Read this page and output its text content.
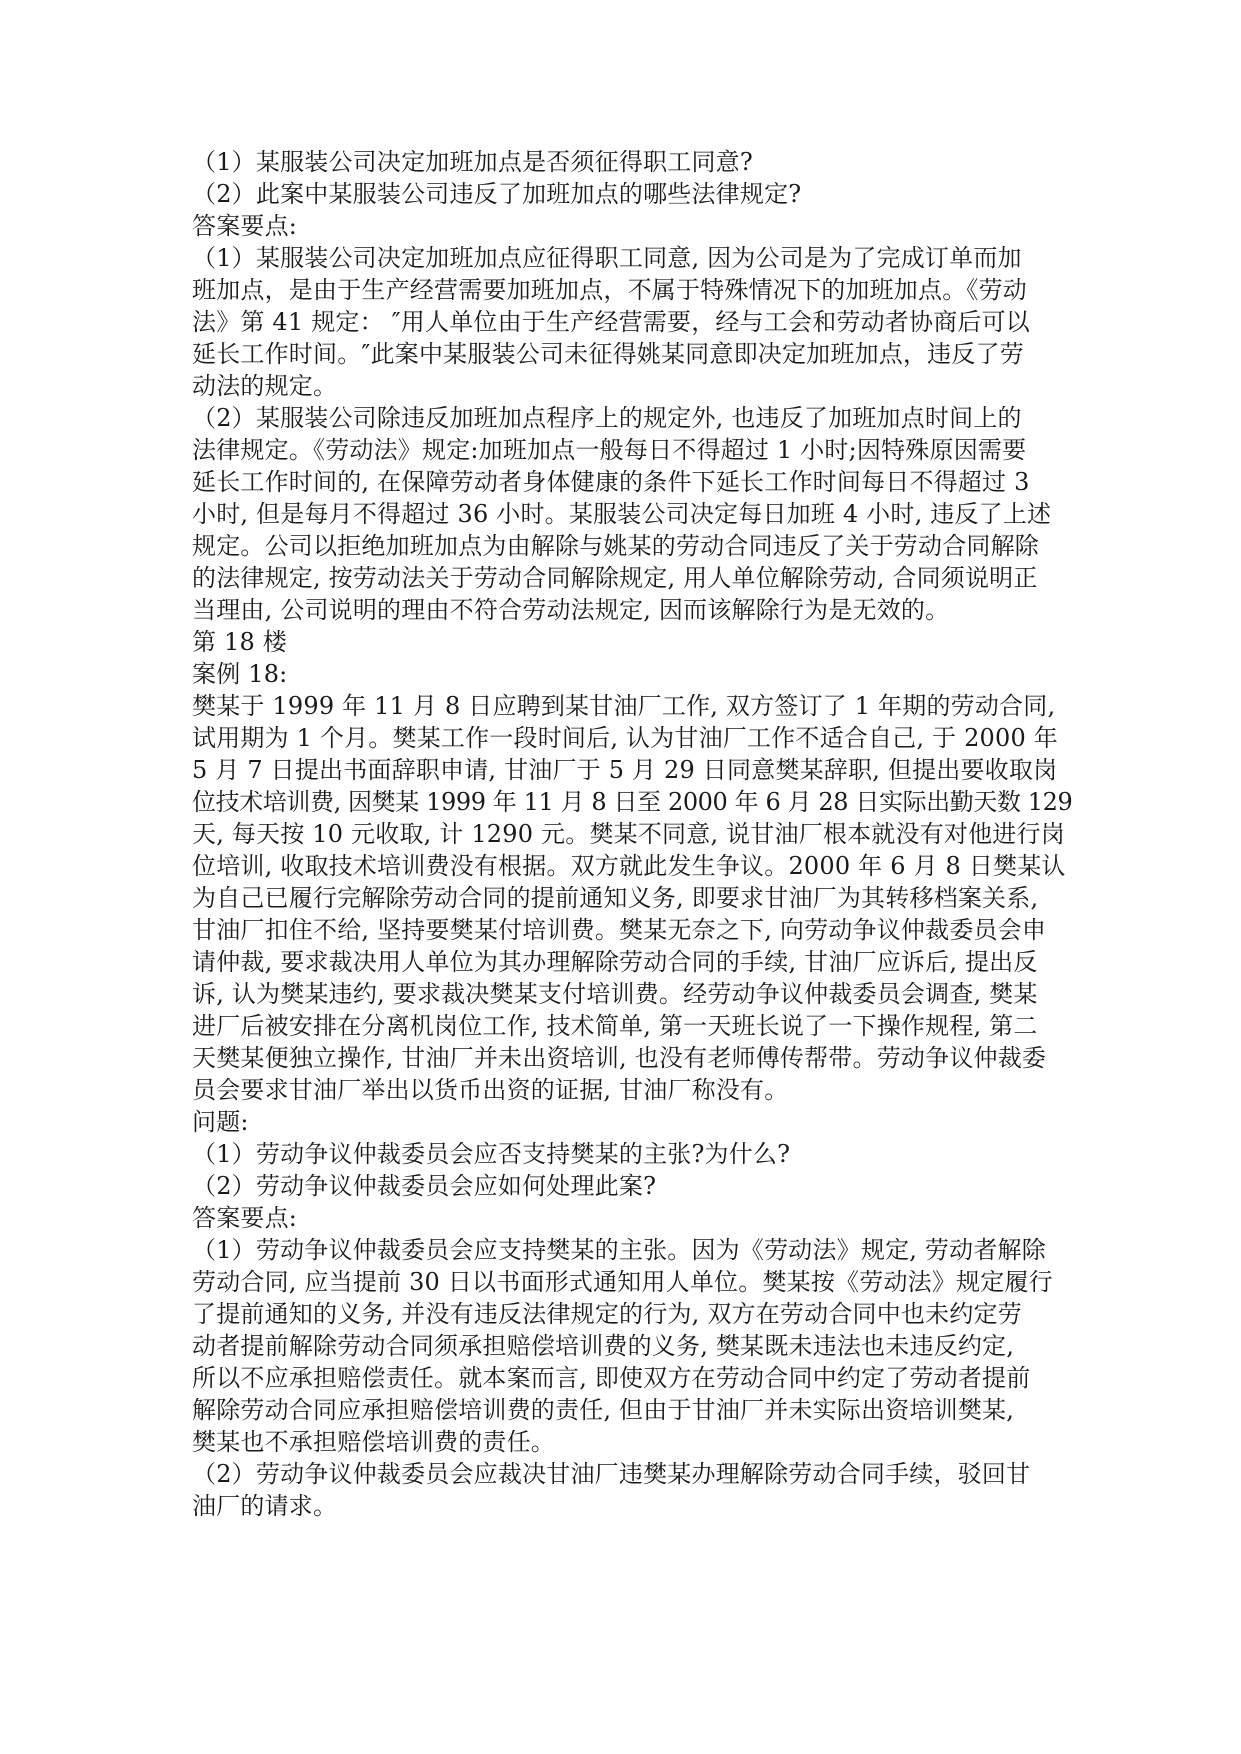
（1）某服装公司决定加班加点是否须征得职工同意?
（2）此案中某服装公司违反了加班加点的哪些法律规定?
答案要点:
（1）某服装公司决定加班加点应征得职工同意, 因为公司是为了完成订单而加
班加点，是由于生产经营需要加班加点，不属于特殊情况下的加班加点。《劳动
法》第 41 规定： ″用人单位由于生产经营需要，经与工会和劳动者协商后可以
延长工作时间。″此案中某服装公司未征得姚某同意即决定加班加点，违反了劳
动法的规定。
（2）某服装公司除违反加班加点程序上的规定外, 也违反了加班加点时间上的
法律规定。《劳动法》规定:加班加点一般每日不得超过 1 小时;因特殊原因需要
延长工作时间的, 在保障劳动者身体健康的条件下延长工作时间每日不得超过 3
小时, 但是每月不得超过 36 小时。某服装公司决定每日加班 4 小时, 违反了上述
规定。公司以拒绝加班加点为由解除与姚某的劳动合同违反了关于劳动合同解除
的法律规定, 按劳动法关于劳动合同解除规定, 用人单位解除劳动, 合同须说明正
当理由, 公司说明的理由不符合劳动法规定, 因而该解除行为是无效的。
第 18 楼
案例 18:
樊某于 1999 年 11 月 8 日应聘到某甘油厂工作, 双方签订了 1 年期的劳动合同,
试用期为 1 个月。樊某工作一段时间后, 认为甘油厂工作不适合自己, 于 2000 年
5 月 7 日提出书面辞职申请, 甘油厂于 5 月 29 日同意樊某辞职, 但提出要收取岗
位技术培训费, 因樊某 1999 年 11 月 8 日至 2000 年 6 月 28 日实际出勤天数 129
天, 每天按 10 元收取, 计 1290 元。樊某不同意, 说甘油厂根本就没有对他进行岗
位培训, 收取技术培训费没有根据。双方就此发生争议。2000 年 6 月 8 日樊某认
为自己已履行完解除劳动合同的提前通知义务, 即要求甘油厂为其转移档案关系,
甘油厂扣住不给, 坚持要樊某付培训费。樊某无奈之下, 向劳动争议仲裁委员会申
请仲裁, 要求裁决用人单位为其办理解除劳动合同的手续, 甘油厂应诉后, 提出反
诉, 认为樊某违约, 要求裁决樊某支付培训费。经劳动争议仲裁委员会调查, 樊某
进厂后被安排在分离机岗位工作, 技术简单, 第一天班长说了一下操作规程, 第二
天樊某便独立操作, 甘油厂并未出资培训, 也没有老师傅传帮带。劳动争议仲裁委
员会要求甘油厂举出以货币出资的证据, 甘油厂称没有。
问题:
（1）劳动争议仲裁委员会应否支持樊某的主张?为什么?
（2）劳动争议仲裁委员会应如何处理此案?
答案要点:
（1）劳动争议仲裁委员会应支持樊某的主张。因为《劳动法》规定, 劳动者解除
劳动合同, 应当提前 30 日以书面形式通知用人单位。樊某按《劳动法》规定履行
了提前通知的义务, 并没有违反法律规定的行为, 双方在劳动合同中也未约定劳
动者提前解除劳动合同须承担赔偿培训费的义务, 樊某既未违法也未违反约定,
所以不应承担赔偿责任。就本案而言, 即使双方在劳动合同中约定了劳动者提前
解除劳动合同应承担赔偿培训费的责任, 但由于甘油厂并未实际出资培训樊某,
樊某也不承担赔偿培训费的责任。
（2）劳动争议仲裁委员会应裁决甘油厂违樊某办理解除劳动合同手续，驳回甘
油厂的请求。
